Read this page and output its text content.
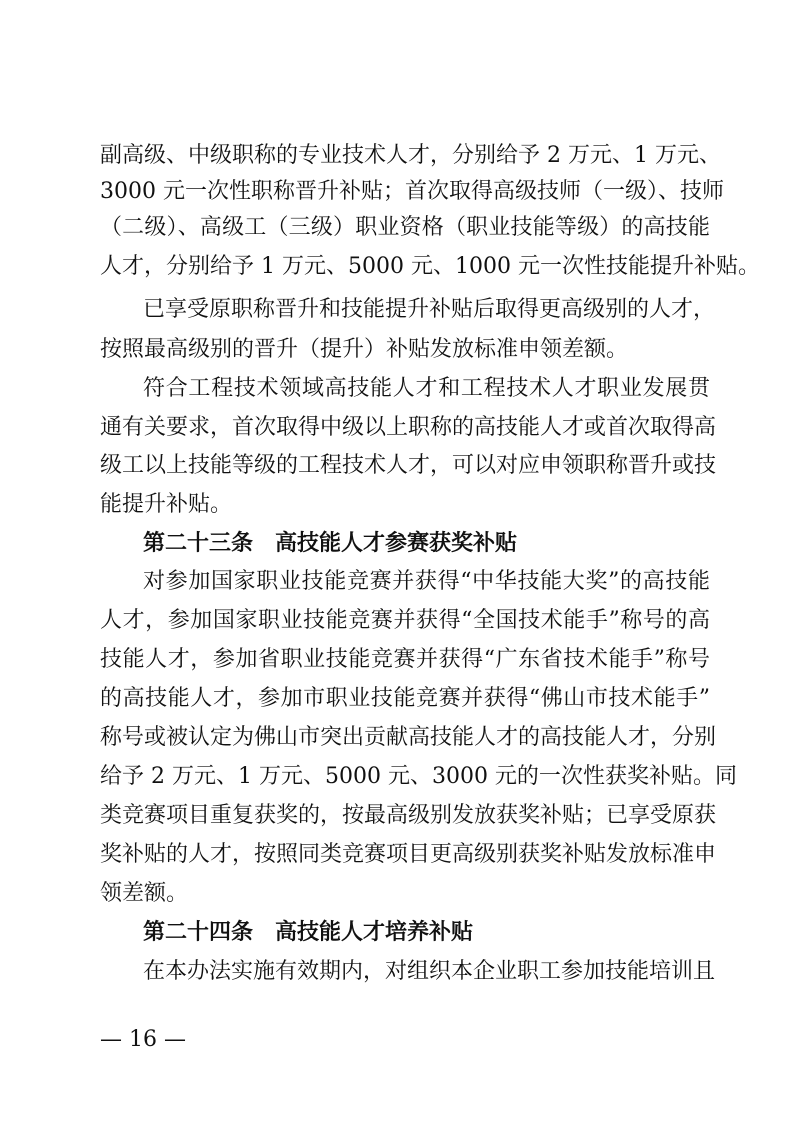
副高级、中级职称的专业技术人才，分别给予 2 万元、1 万元、
3000 元一次性职称晋升补贴；首次取得高级技师（一级）、技师
（二级）、高级工（三级）职业资格（职业技能等级）的高技能
人才，分别给予 1 万元、5000 元、1000 元一次性技能提升补贴。
已享受原职称晋升和技能提升补贴后取得更高级别的人才，
按照最高级别的晋升（提升）补贴发放标准申领差额。
符合工程技术领域高技能人才和工程技术人才职业发展贯
通有关要求，首次取得中级以上职称的高技能人才或首次取得高
级工以上技能等级的工程技术人才，可以对应申领职称晋升或技
能提升补贴。
第二十三条 高技能人才参赛获奖补贴
对参加国家职业技能竞赛并获得“中华技能大奖”的高技能
人才，参加国家职业技能竞赛并获得“全国技术能手”称号的高
技能人才，参加省职业技能竞赛并获得“广东省技术能手”称号
的高技能人才，参加市职业技能竞赛并获得“佛山市技术能手”
称号或被认定为佛山市突出贡献高技能人才的高技能人才，分别
给予 2 万元、1 万元、5000 元、3000 元的一次性获奖补贴。同
类竞赛项目重复获奖的，按最高级别发放获奖补贴；已享受原获
奖补贴的人才，按照同类竞赛项目更高级别获奖补贴发放标准申
领差额。
第二十四条 高技能人才培养补贴
在本办法实施有效期内，对组织本企业职工参加技能培训且
— 16 —
